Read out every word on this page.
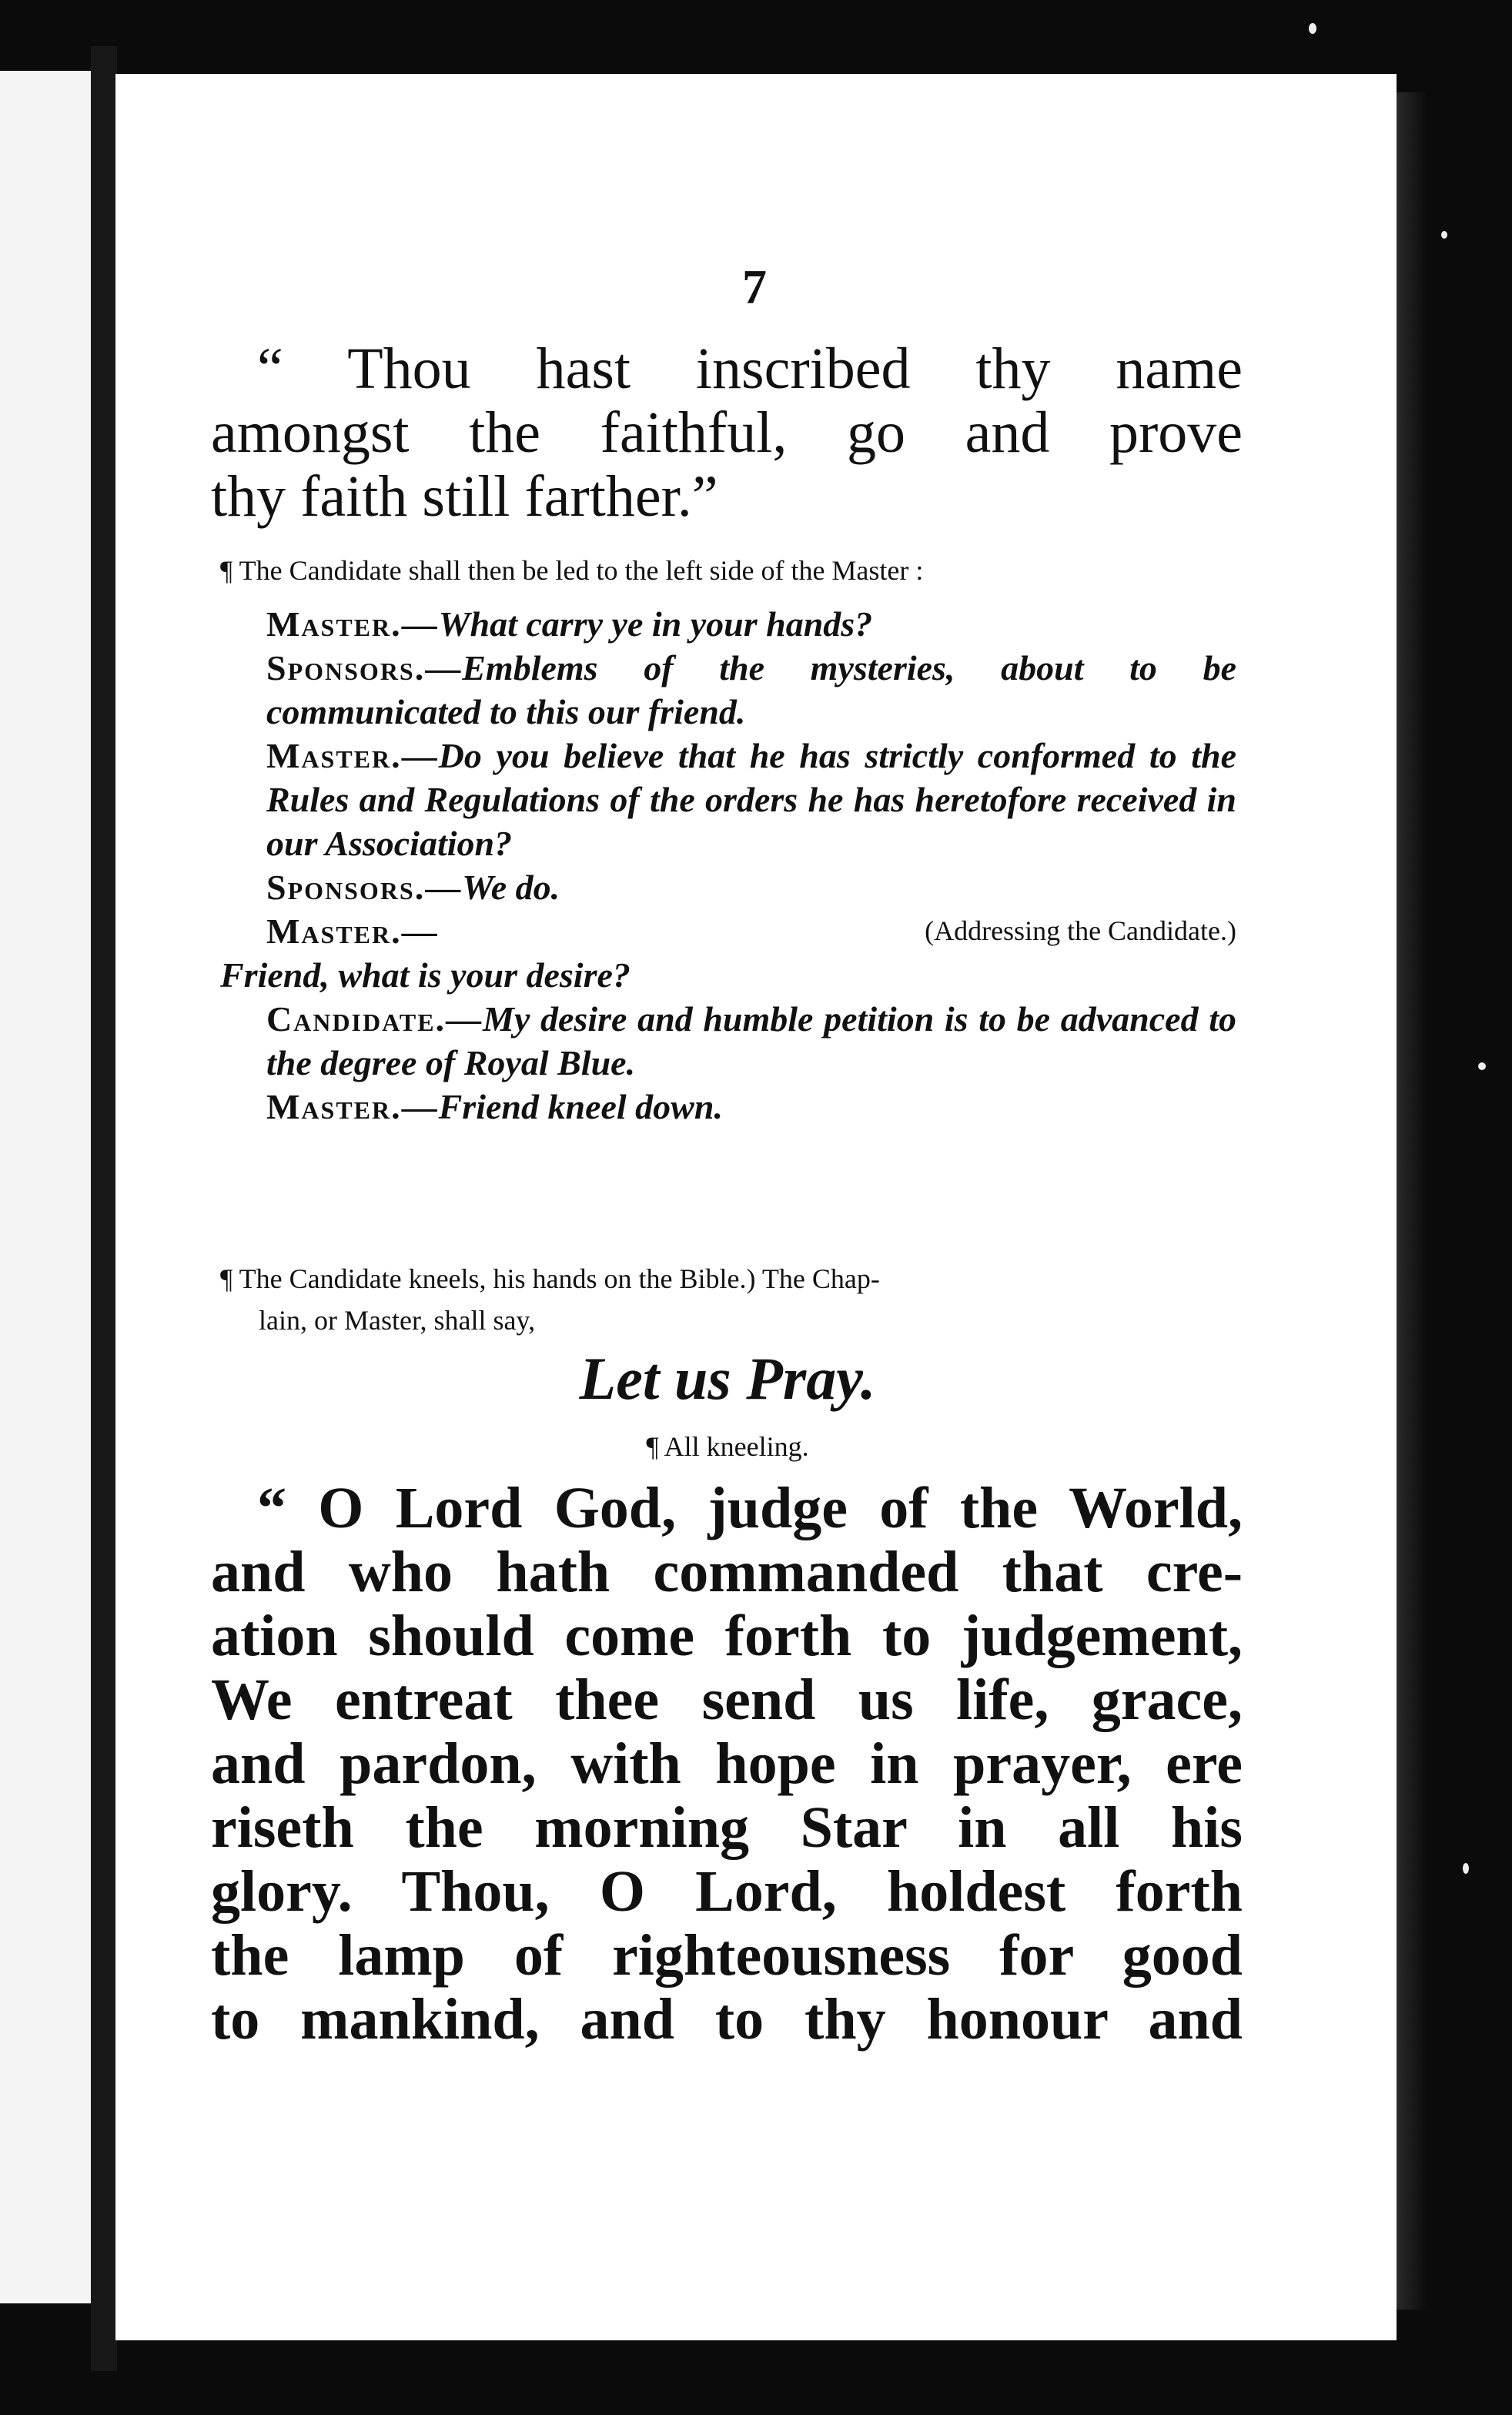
7
“ Thou hast inscribed thy name
amongst the faithful, go and prove
thy faith still farther.”
¶ The Candidate shall then be led to the left side of the Master :
Master.—What carry ye in your hands?
Sponsors.—Emblems of the mysteries, about to be communicated to this our friend.
Master.—Do you believe that he has strictly conformed to the Rules and Regulations of the orders he has heretofore received in our Association?
Sponsors.—We do.
Master.—	(Addressing the Candidate.)
Friend, what is your desire?
Candidate.—My desire and humble petition is to be advanced to the degree of Royal Blue.
Master.—Friend kneel down.
¶ The Candidate kneels, his hands on the Bible.) The Chap-
lain, or Master, shall say,
Let us Pray.
¶ All kneeling.
“ O Lord God, judge of the World,
and who hath commanded that cre-
ation should come forth to judgement,
We entreat thee send us life, grace,
and pardon, with hope in prayer, ere
riseth the morning Star in all his
glory. Thou, O Lord, holdest forth
the lamp of righteousness for good
to mankind, and to thy honour and
